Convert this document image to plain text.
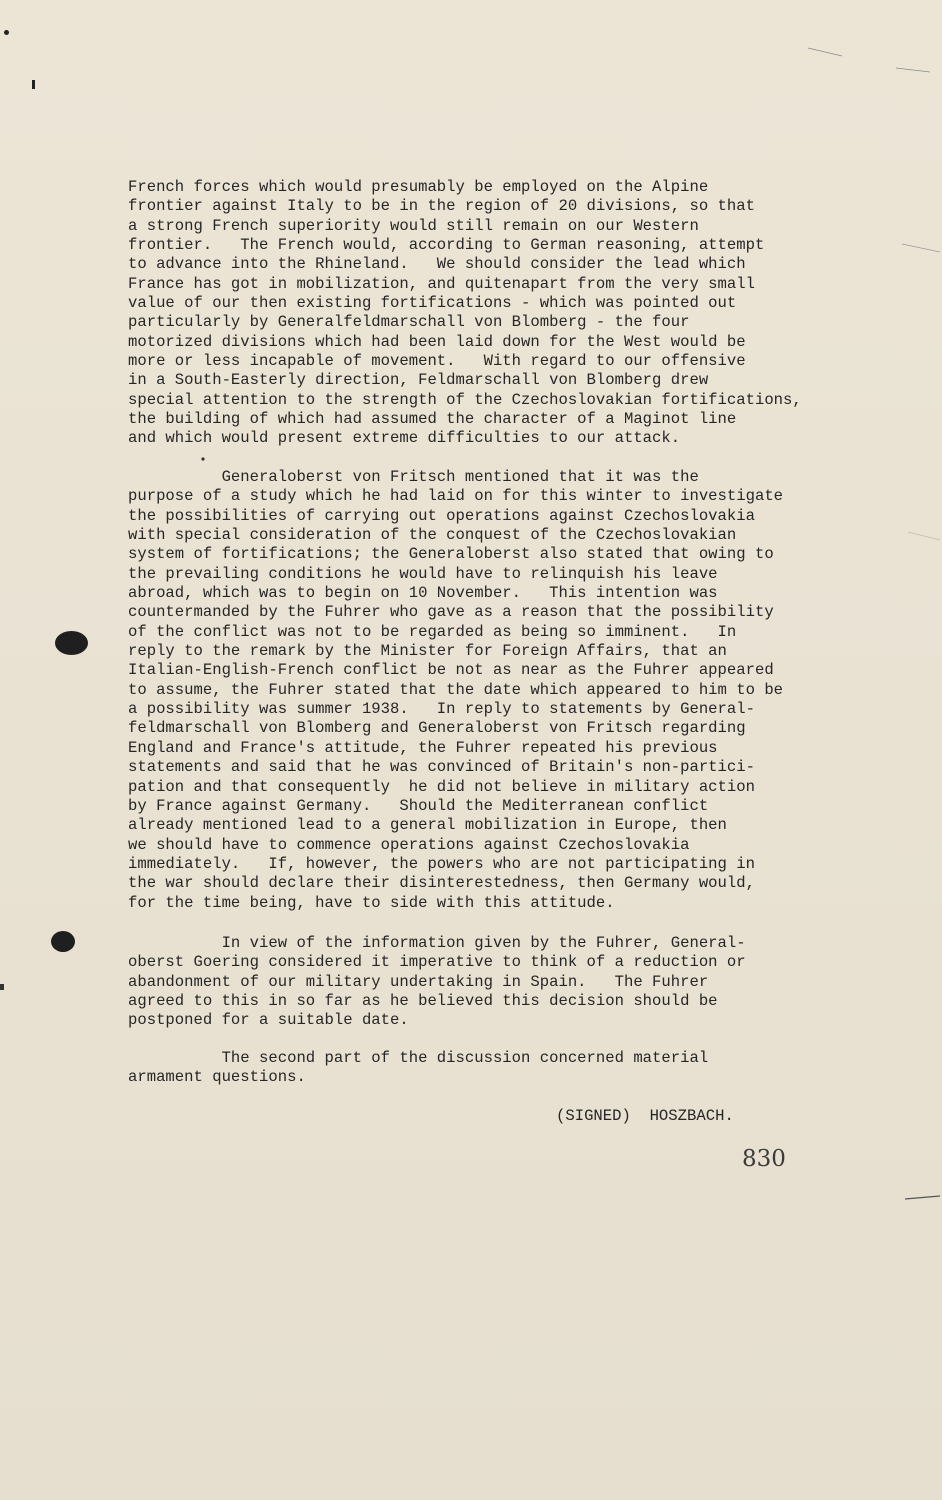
French forces which would presumably be employed on the Alpine
frontier against Italy to be in the region of 20 divisions, so that
a strong French superiority would still remain on our Western
frontier.   The French would, according to German reasoning, attempt
to advance into the Rhineland.   We should consider the lead which
France has got in mobilization, and quitenapart from the very small
value of our then existing fortifications - which was pointed out
particularly by Generalfeldmarschall von Blomberg - the four
motorized divisions which had been laid down for the West would be
more or less incapable of movement.   With regard to our offensive
in a South-Easterly direction, Feldmarschall von Blomberg drew
special attention to the strength of the Czechoslovakian fortifications,
the building of which had assumed the character of a Maginot line
and which would present extreme difficulties to our attack.
Generaloberst von Fritsch mentioned that it was the
purpose of a study which he had laid on for this winter to investigate
the possibilities of carrying out operations against Czechoslovakia
with special consideration of the conquest of the Czechoslovakian
system of fortifications; the Generaloberst also stated that owing to
the prevailing conditions he would have to relinquish his leave
abroad, which was to begin on 10 November.   This intention was
countermanded by the Fuhrer who gave as a reason that the possibility
of the conflict was not to be regarded as being so imminent.   In
reply to the remark by the Minister for Foreign Affairs, that an
Italian-English-French conflict be not as near as the Fuhrer appeared
to assume, the Fuhrer stated that the date which appeared to him to be
a possibility was summer 1938.   In reply to statements by General-
feldmarschall von Blomberg and Generaloberst von Fritsch regarding
England and France's attitude, the Fuhrer repeated his previous
statements and said that he was convinced of Britain's non-partici-
pation and that consequently  he did not believe in military action
by France against Germany.   Should the Mediterranean conflict
already mentioned lead to a general mobilization in Europe, then
we should have to commence operations against Czechoslovakia
immediately.   If, however, the powers who are not participating in
the war should declare their disinterestedness, then Germany would,
for the time being, have to side with this attitude.
In view of the information given by the Fuhrer, General-
oberst Goering considered it imperative to think of a reduction or
abandonment of our military undertaking in Spain.   The Fuhrer
agreed to this in so far as he believed this decision should be
postponed for a suitable date.
The second part of the discussion concerned material
armament questions.
(SIGNED)  HOSZBACH.
830
